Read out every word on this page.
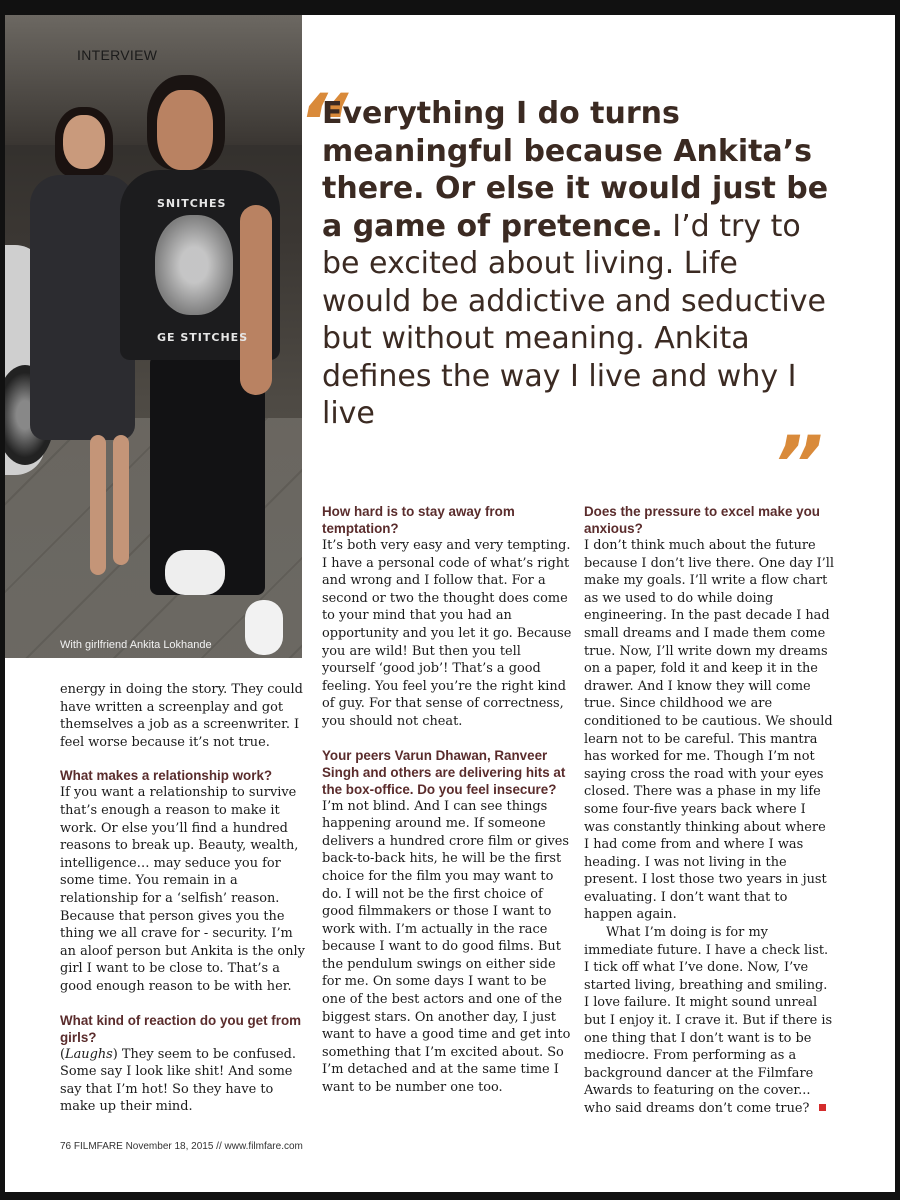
SNITCHES
GE STITCHES
INTERVIEW
With girlfriend Ankita Lokhande
“
Everything I do turns meaningful because Ankita’s there. Or else it would just be a game of pretence. I’d try to be excited about living. Life would be addictive and seductive but without meaning. Ankita defines the way I live and why I live
”

energy in doing the story. They could have written a screenplay and got themselves a job as a screenwriter. I feel worse because it’s not true.

What makes a relationship work?

If you want a relationship to survive that’s enough a reason to make it work. Or else you’ll find a hundred reasons to break up. Beauty, wealth, intelligence… may seduce you for some time. You remain in a relationship for a ‘selfish’ reason. Because that person gives you the thing we all crave for - security. I’m an aloof person but Ankita is the only girl I want to be close to. That’s a good enough reason to be with her.

What kind of reaction do you get from girls?

(Laughs) They seem to be confused. Some say I look like shit! And some say that I’m hot! So they have to make up their mind.

How hard is to stay away from temptation?

It’s both very easy and very tempting. I have a personal code of what’s right and wrong and I follow that. For a second or two the thought does come to your mind that you had an opportunity and you let it go. Because you are wild! But then you tell yourself ‘good job’! That’s a good feeling. You feel you’re the right kind of guy. For that sense of correctness, you should not cheat.

Your peers Varun Dhawan, Ranveer Singh and others are delivering hits at the box-office. Do you feel insecure?

I’m not blind. And I can see things happening around me. If someone delivers a hundred crore film or gives back-to-back hits, he will be the first choice for the film you may want to do. I will not be the first choice of good filmmakers or those I want to work with. I’m actually in the race because I want to do good films. But the pendulum swings on either side for me. On some days I want to be one of the best actors and one of the biggest stars. On another day, I just want to have a good time and get into something that I’m excited about. So I’m detached and at the same time I want to be number one too.

Does the pressure to excel make you anxious?

I don’t think much about the future because I don’t live there. One day I’ll make my goals. I’ll write a flow chart as we used to do while doing engineering. In the past decade I had small dreams and I made them come true. Now, I’ll write down my dreams on a paper, fold it and keep it in the drawer. And I know they will come true. Since childhood we are conditioned to be cautious. We should learn not to be careful. This mantra has worked for me. Though I’m not saying cross the road with your eyes closed. There was a phase in my life some four-five years back where I was constantly thinking about where I had come from and where I was heading. I was not living in the present. I lost those two years in just evaluating. I don’t want that to happen again.

What I’m doing is for my immediate future. I have a check list. I tick off what I’ve done. Now, I’ve started living, breathing and smiling. I love failure. It might sound unreal but I enjoy it. I crave it. But if there is one thing that I don’t want is to be mediocre. From performing as a background dancer at the Filmfare Awards to featuring on the cover... who said dreams don’t come true?

76 FILMFARE November 18, 2015 // www.filmfare.com
